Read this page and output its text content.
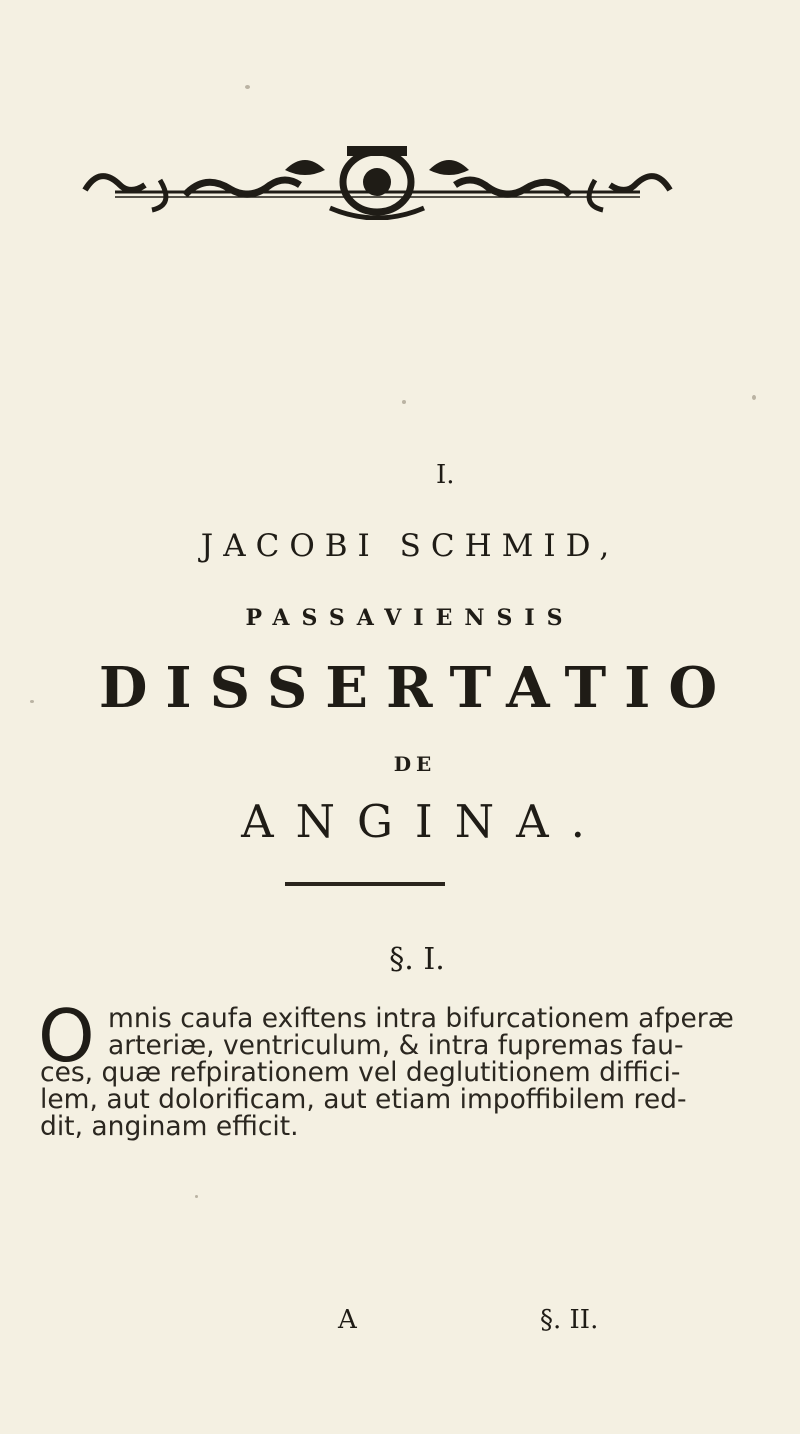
I.
JACOBI SCHMID,
PASSAVIENSIS
DISSERTATIO
DE
ANGINA.
§. I.
O mnis caufa exiftens intra bifurcationem afperæ
arteriæ, ventriculum, & intra fupremas fau-
ces, quæ refpirationem vel deglutitionem diffici-
lem, aut dolorificam, aut etiam impoffibilem red-
dit, anginam efficit.
A	§. II.
